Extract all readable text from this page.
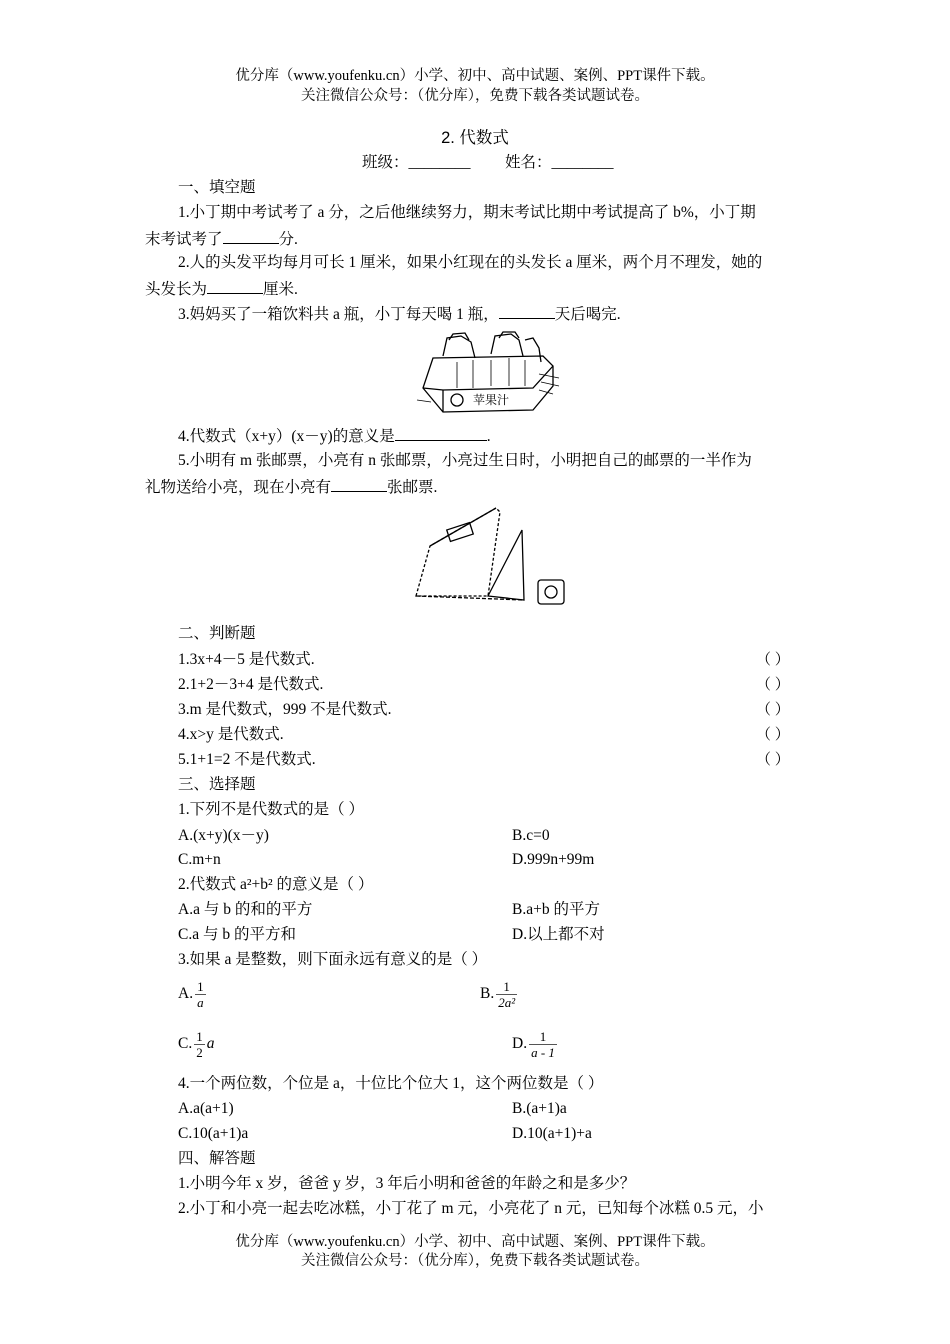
优分库（www.youfenku.cn）小学、初中、高中试题、案例、PPT课件下载。
关注微信公众号：（优分库），免费下载各类试题试卷。
2. 代数式
班级：________ 姓名：________
一、填空题
1.小丁期中考试考了 a 分，之后他继续努力，期末考试比期中考试提高了 b%，小丁期
末考试考了	分.
2.人的头发平均每月可长 1 厘米，如果小红现在的头发长 a 厘米，两个月不理发，她的
头发长为	厘米.
3.妈妈买了一箱饮料共 a 瓶，小丁每天喝 1 瓶，	天后喝完.
苹果汁
4.代数式（x+y）(x－y)的意义是	.
5.小明有 m 张邮票，小亮有 n 张邮票，小亮过生日时，小明把自己的邮票的一半作为
礼物送给小亮，现在小亮有	张邮票.
二、判断题
1.3x+4－5 是代数式.	（ ）
2.1+2－3+4 是代数式.	（ ）
3.m 是代数式，999 不是代数式.	（ ）
4.x>y 是代数式.	（ ）
5.1+1=2 不是代数式.	（ ）
三、选择题
1.下列不是代数式的是（ ）
A.(x+y)(x－y)	B.c=0
C.m+n	D.999n+99m
2.代数式 a²+b² 的意义是（ ）
A.a 与 b 的和的平方	B.a+b 的平方
C.a 与 b 的平方和	D.以上都不对
3.如果 a 是整数，则下面永远有意义的是（ ）
A. $\frac{1}{a}$	B. $\frac{1}{\text{2a²}}$
C. $\frac{1}{2}$ a	D. $\frac{1}{a - 1}$
4.一个两位数，个位是 a，十位比个位大 1，这个两位数是（ ）
A.a(a+1)	B.(a+1)a
C.10(a+1)a	D.10(a+1)+a
四、解答题
1.小明今年 x 岁，爸爸 y 岁，3 年后小明和爸爸的年龄之和是多少？
2.小丁和小亮一起去吃冰糕，小丁花了 m 元，小亮花了 n 元，已知每个冰糕 0.5 元，小
优分库（www.youfenku.cn）小学、初中、高中试题、案例、PPT课件下载。
关注微信公众号：（优分库），免费下载各类试题试卷。
